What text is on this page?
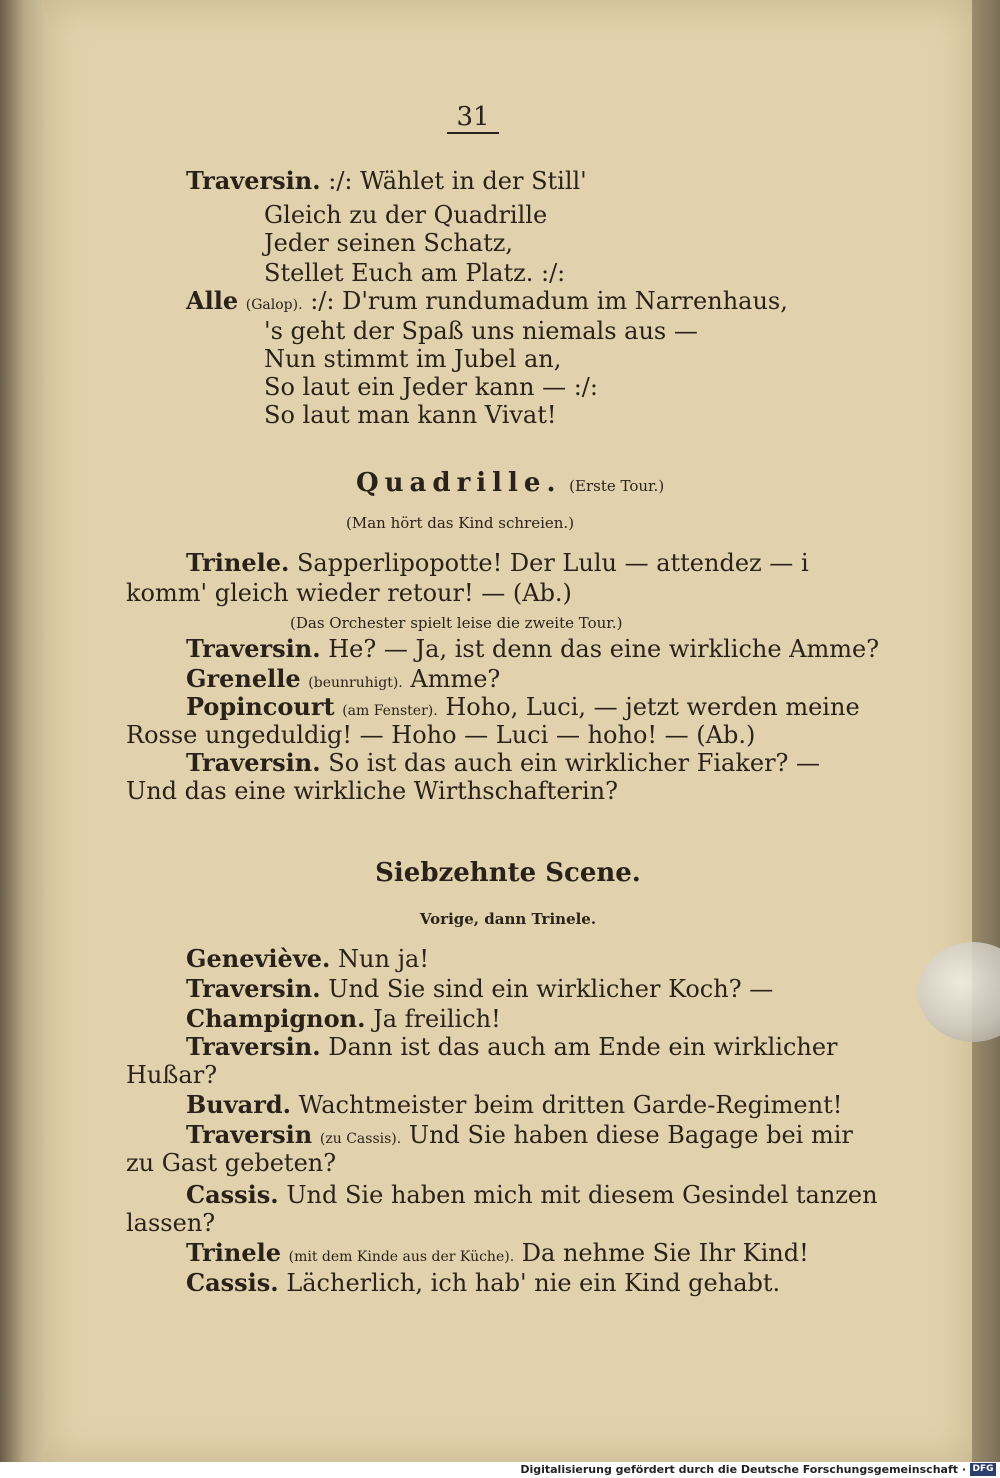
31
Traversin. :/: Wählet in der Still'
Gleich zu der Quadrille
Jeder seinen Schatz,
Stellet Euch am Platz. :/:
Alle (Galop). :/: D'rum rundumadum im Narrenhaus,
's geht der Spaß uns niemals aus —
Nun stimmt im Jubel an,
So laut ein Jeder kann — :/:
So laut man kann Vivat!
Quadrille. (Erste Tour.)
(Man hört das Kind schreien.)
Trinele. Sapperlipopotte! Der Lulu — attendez — i
komm' gleich wieder retour! — (Ab.)
(Das Orchester spielt leise die zweite Tour.)
Traversin. He? — Ja, ist denn das eine wirkliche Amme?
Grenelle (beunruhigt). Amme?
Popincourt (am Fenster). Hoho, Luci, — jetzt werden meine
Rosse ungeduldig! — Hoho — Luci — hoho! — (Ab.)
Traversin. So ist das auch ein wirklicher Fiaker? —
Und das eine wirkliche Wirthschafterin?
Siebzehnte Scene.
Vorige, dann Trinele.
Geneviève. Nun ja!
Traversin. Und Sie sind ein wirklicher Koch? —
Champignon. Ja freilich!
Traversin. Dann ist das auch am Ende ein wirklicher
Hußar?
Buvard. Wachtmeister beim dritten Garde-Regiment!
Traversin (zu Cassis). Und Sie haben diese Bagage bei mir
zu Gast gebeten?
Cassis. Und Sie haben mich mit diesem Gesindel tanzen
lassen?
Trinele (mit dem Kinde aus der Küche). Da nehme Sie Ihr Kind!
Cassis. Lächerlich, ich hab' nie ein Kind gehabt.
Digitalisierung gefördert durch die Deutsche Forschungsgemeinschaft · DFG
